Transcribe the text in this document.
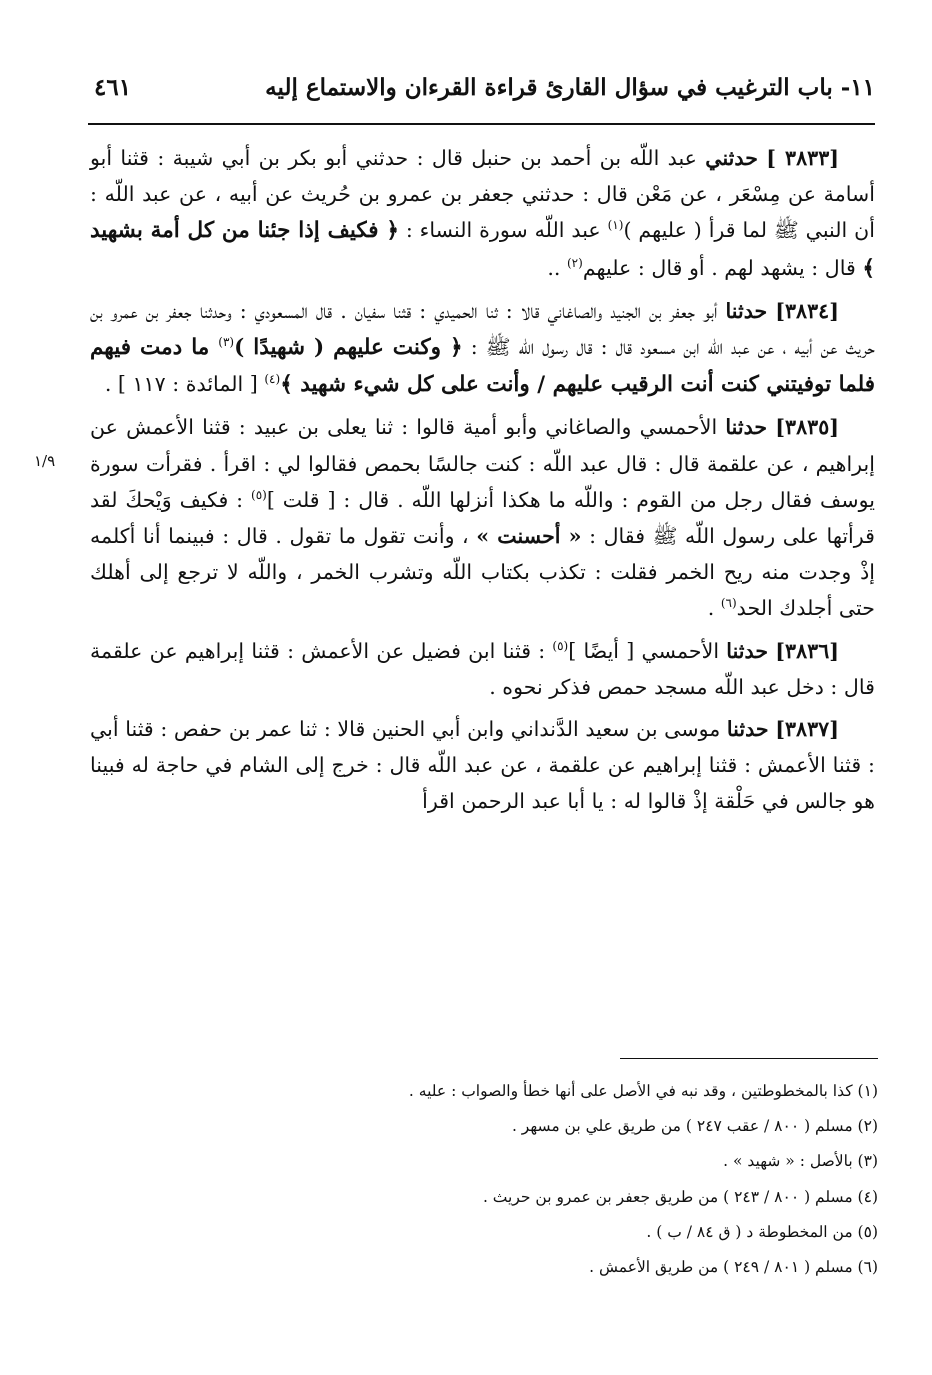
١١- باب الترغيب في سؤال القارئ قراءة القرءان والاستماع إليه
٤٦١
١/٩

[٣٨٣٣ ] حدثني عبد اللّه بن أحمد بن حنبل قال : حدثني أبو بكر بن أبي شيبة : قثنا أبو أسامة عن مِسْعَر ، عن مَعْن قال : حدثني جعفر بن عمرو بن حُريث عن أبيه ، عن عبد اللّه : أن النبي ﷺ لما قرأ ( عليهم )$^{(١)}$ عبد اللّه سورة النساء : ﴿ فكيف إذا جئنا من كل أمة بشهيد ﴾ قال : يشهد لهم . أو قال : عليهم$^{(٢)}$ ..

[٣٨٣٤] حدثنا أبو جعفر بن الجنيد والصاغاني قالا : ثنا الحميدي : قثنا سفيان . قال المسعودي : وحدثنا جعفر بن عمرو بن حريث عن أبيه ، عن عبد اللّه ابن مسعود قال : قال رسول اللّه ﷺ : ﴿ وكنت عليهم ( شهيدًا )$^{(٣)}$ ما دمت فيهم فلما توفيتني كنت أنت الرقيب عليهم / وأنت على كل شيء شهيد ﴾$^{(٤)}$ [ المائدة : ١١٧ ] .

[٣٨٣٥] حدثنا الأحمسي والصاغاني وأبو أمية قالوا : ثنا يعلى بن عبيد : قثنا الأعمش عن إبراهيم ، عن علقمة قال : قال عبد اللّه : كنت جالسًا بحمص فقالوا لي : اقرأ . فقرأت سورة يوسف فقال رجل من القوم : واللّه ما هكذا أنزلها اللّه . قال : [ قلت ]$^{(٥)}$ : فكيف وَيْحكَ لقد قرأتها على رسول اللّه ﷺ فقال : « أحسنت » ، وأنت تقول ما تقول . قال : فبينما أنا أكلمه إذْ وجدت منه ريح الخمر فقلت : تكذب بكتاب اللّه وتشرب الخمر ، واللّه لا ترجع إلى أهلك حتى أجلدك الحد$^{(٦)}$ .

[٣٨٣٦] حدثنا الأحمسي [ أيضًا ]$^{(٥)}$ : قثنا ابن فضيل عن الأعمش : قثنا إبراهيم عن علقمة قال : دخل عبد اللّه مسجد حمص فذكر نحوه .

[٣٨٣٧] حدثنا موسى بن سعيد الدَّنداني وابن أبي الحنين قالا : ثنا عمر بن حفص : قثنا أبي : قثنا الأعمش : قثنا إبراهيم عن علقمة ، عن عبد اللّه قال : خرج إلى الشام في حاجة له فبينا هو جالس في حَلْقة إذْ قالوا له : يا أبا عبد الرحمن اقرأ

(١) كذا بالمخطوطتين ، وقد نبه في الأصل على أنها خطأ والصواب : عليه .
(٢) مسلم ( ٨٠٠ / عقب ٢٤٧ ) من طريق علي بن مسهر .
(٣) بالأصل : « شهيد » .
(٤) مسلم ( ٨٠٠ / ٢٤٣ ) من طريق جعفر بن عمرو بن حريث .
(٥) من المخطوطة د ( ق ٨٤ / ب ) .
(٦) مسلم ( ٨٠١ / ٢٤٩ ) من طريق الأعمش .
